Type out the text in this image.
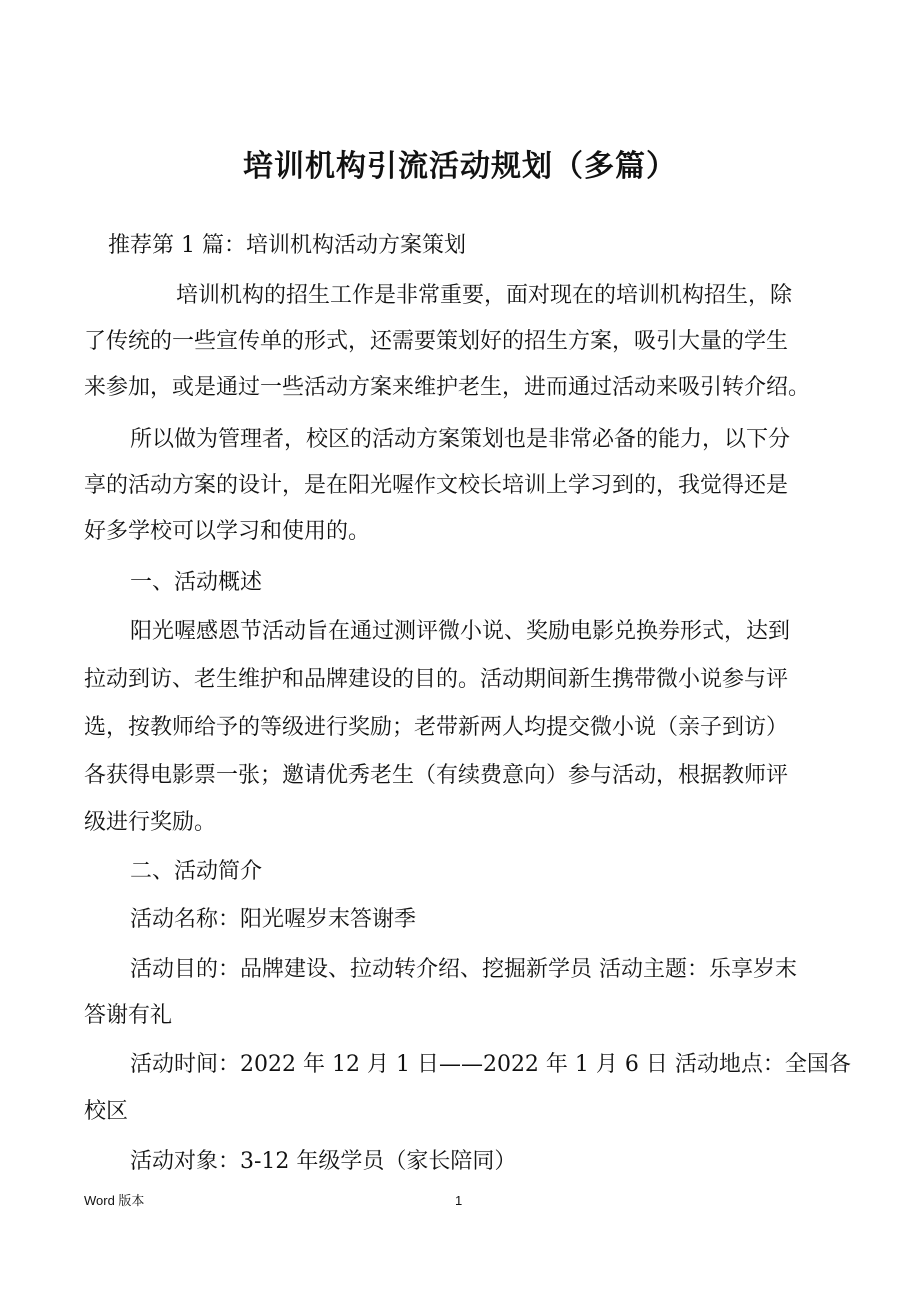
培训机构引流活动规划（多篇）

推荐第 1 篇：培训机构活动方案策划

培训机构的招生工作是非常重要，面对现在的培训机构招生，除

了传统的一些宣传单的形式，还需要策划好的招生方案，吸引大量的学生

来参加，或是通过一些活动方案来维护老生，进而通过活动来吸引转介绍。

所以做为管理者，校区的活动方案策划也是非常必备的能力，以下分

享的活动方案的设计，是在阳光喔作文校长培训上学习到的，我觉得还是

好多学校可以学习和使用的。

一、活动概述

阳光喔感恩节活动旨在通过测评微小说、奖励电影兑换券形式，达到

拉动到访、老生维护和品牌建设的目的。活动期间新生携带微小说参与评

选，按教师给予的等级进行奖励；老带新两人均提交微小说（亲子到访）

各获得电影票一张；邀请优秀老生（有续费意向）参与活动，根据教师评

级进行奖励。

二、活动简介

活动名称：阳光喔岁末答谢季

活动目的：品牌建设、拉动转介绍、挖掘新学员 活动主题：乐享岁末

答谢有礼

活动时间：2022 年 12 月 1 日——2022 年 1 月 6 日 活动地点：全国各

校区

活动对象：3-12 年级学员（家长陪同）

Word 版本	1
